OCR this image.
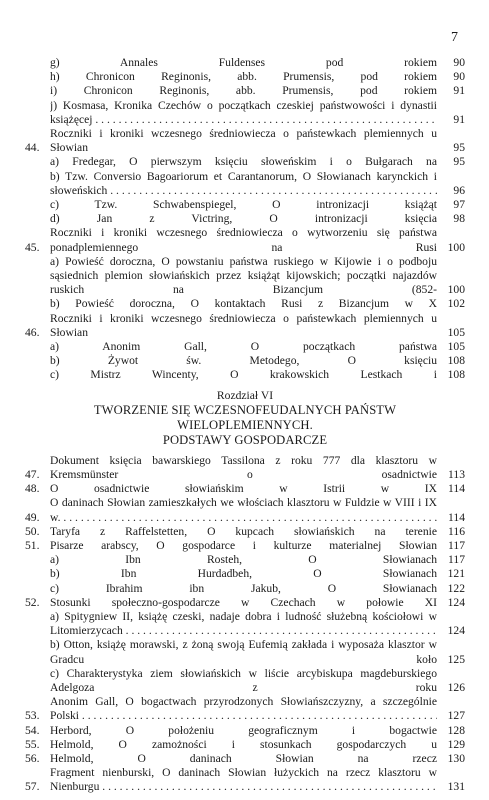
7
g) Annales Fuldenses pod rokiem . . .	90
h) Chronicon Reginonis, abb. Prumensis, pod rokiem . . .	90
i) Chronicon Reginonis, abb. Prumensis, pod rokiem . . .	91
j) Kosmasa, Kronika Czechów o początkach czeskiej państwowości i dynastii książęcej . . .	91
44.
Roczniki i kroniki wczesnego średniowiecza o państewkach plemiennych u Słowian . . .	95
a) Fredegar, O pierwszym księciu słoweńskim i o Bułgarach na . . .	95
b) Tzw. Conversio Bagoariorum et Carantanorum, O Słowianach karynckich i słoweńskich . . .	96
c) Tzw. Schwabenspiegel, O intronizacji książąt . . .	97
d) Jan z Victring, O intronizacji księcia . . .	98
45.
Roczniki i kroniki wczesnego średniowiecza o wytworzeniu się państwa ponadplemiennego na Rusi . . . 100
a) Powieść doroczna, O powstaniu państwa ruskiego w Kijowie i o podboju sąsiednich plemion słowiańskich przez książąt kijowskich; początki najazdów ruskich na Bizancjum (852- . . . 100
b) Powieść doroczna, O kontaktach Rusi z Bizancjum w X . . . 102
46.
Roczniki i kroniki wczesnego średniowiecza o państewkach plemiennych u Słowian . . .	105
a) Anonim Gall, O początkach państwa . . . 105
b) Żywot św. Metodego, O księciu . . . 108
c) Mistrz Wincenty, O krakowskich Lestkach i . . . 108
Rozdział VI
TWORZENIE SIĘ WCZESNOFEUDALNYCH PAŃSTW WIELOPLEMIENNYCH.
PODSTAWY GOSPODARCZE
47.
Dokument księcia bawarskiego Tassilona z roku 777 dla klasztoru w Kremsmünster o osadnictwie . . . 113
48. O osadnictwie słowiańskim w Istrii w IX . . . 114
49.
O daninach Słowian zamieszkałych we włościach klasztoru w Fuldzie w VIII i IX w. . . .	114
50. Taryfa z Raffelstetten, O kupcach słowiańskich na terenie . . . 116
51. Pisarze arabscy, O gospodarce i kulturze materialnej Słowian . . . 117
a) Ibn Rosteh, O Słowianach . . . 117
b) Ibn Hurdadbeh, O Słowianach . . . 121
c) Ibrahim ibn Jakub, O Słowianach . . . 122
52. Stosunki społeczno-gospodarcze w Czechach w połowie XI . . . 124
a) Spitygniew II, książę czeski, nadaje dobra i ludność służebną kościołowi w Litomierzycach . . .	124
b) Otton, książę morawski, z żoną swoją Eufemią zakłada i wyposaża klasztor w Gradcu koło . . . 125
c) Charakterystyka ziem słowiańskich w liście arcybiskupa magdeburskiego Adelgoza z roku . . . 126
53.
Anonim Gall, O bogactwach przyrodzonych Słowiańszczyzny, a szczególnie Polski . . .	127
54. Herbord, O położeniu geograficznym i bogactwie . . . 128
55. Helmold, O zamożności i stosunkach gospodarczych u . . . 129
56. Helmold, O daninach Słowian na rzecz . . . 130
57.
Fragment nienburski, O daninach Słowian łużyckich na rzecz klasztoru w Nienburgu . . .	131
